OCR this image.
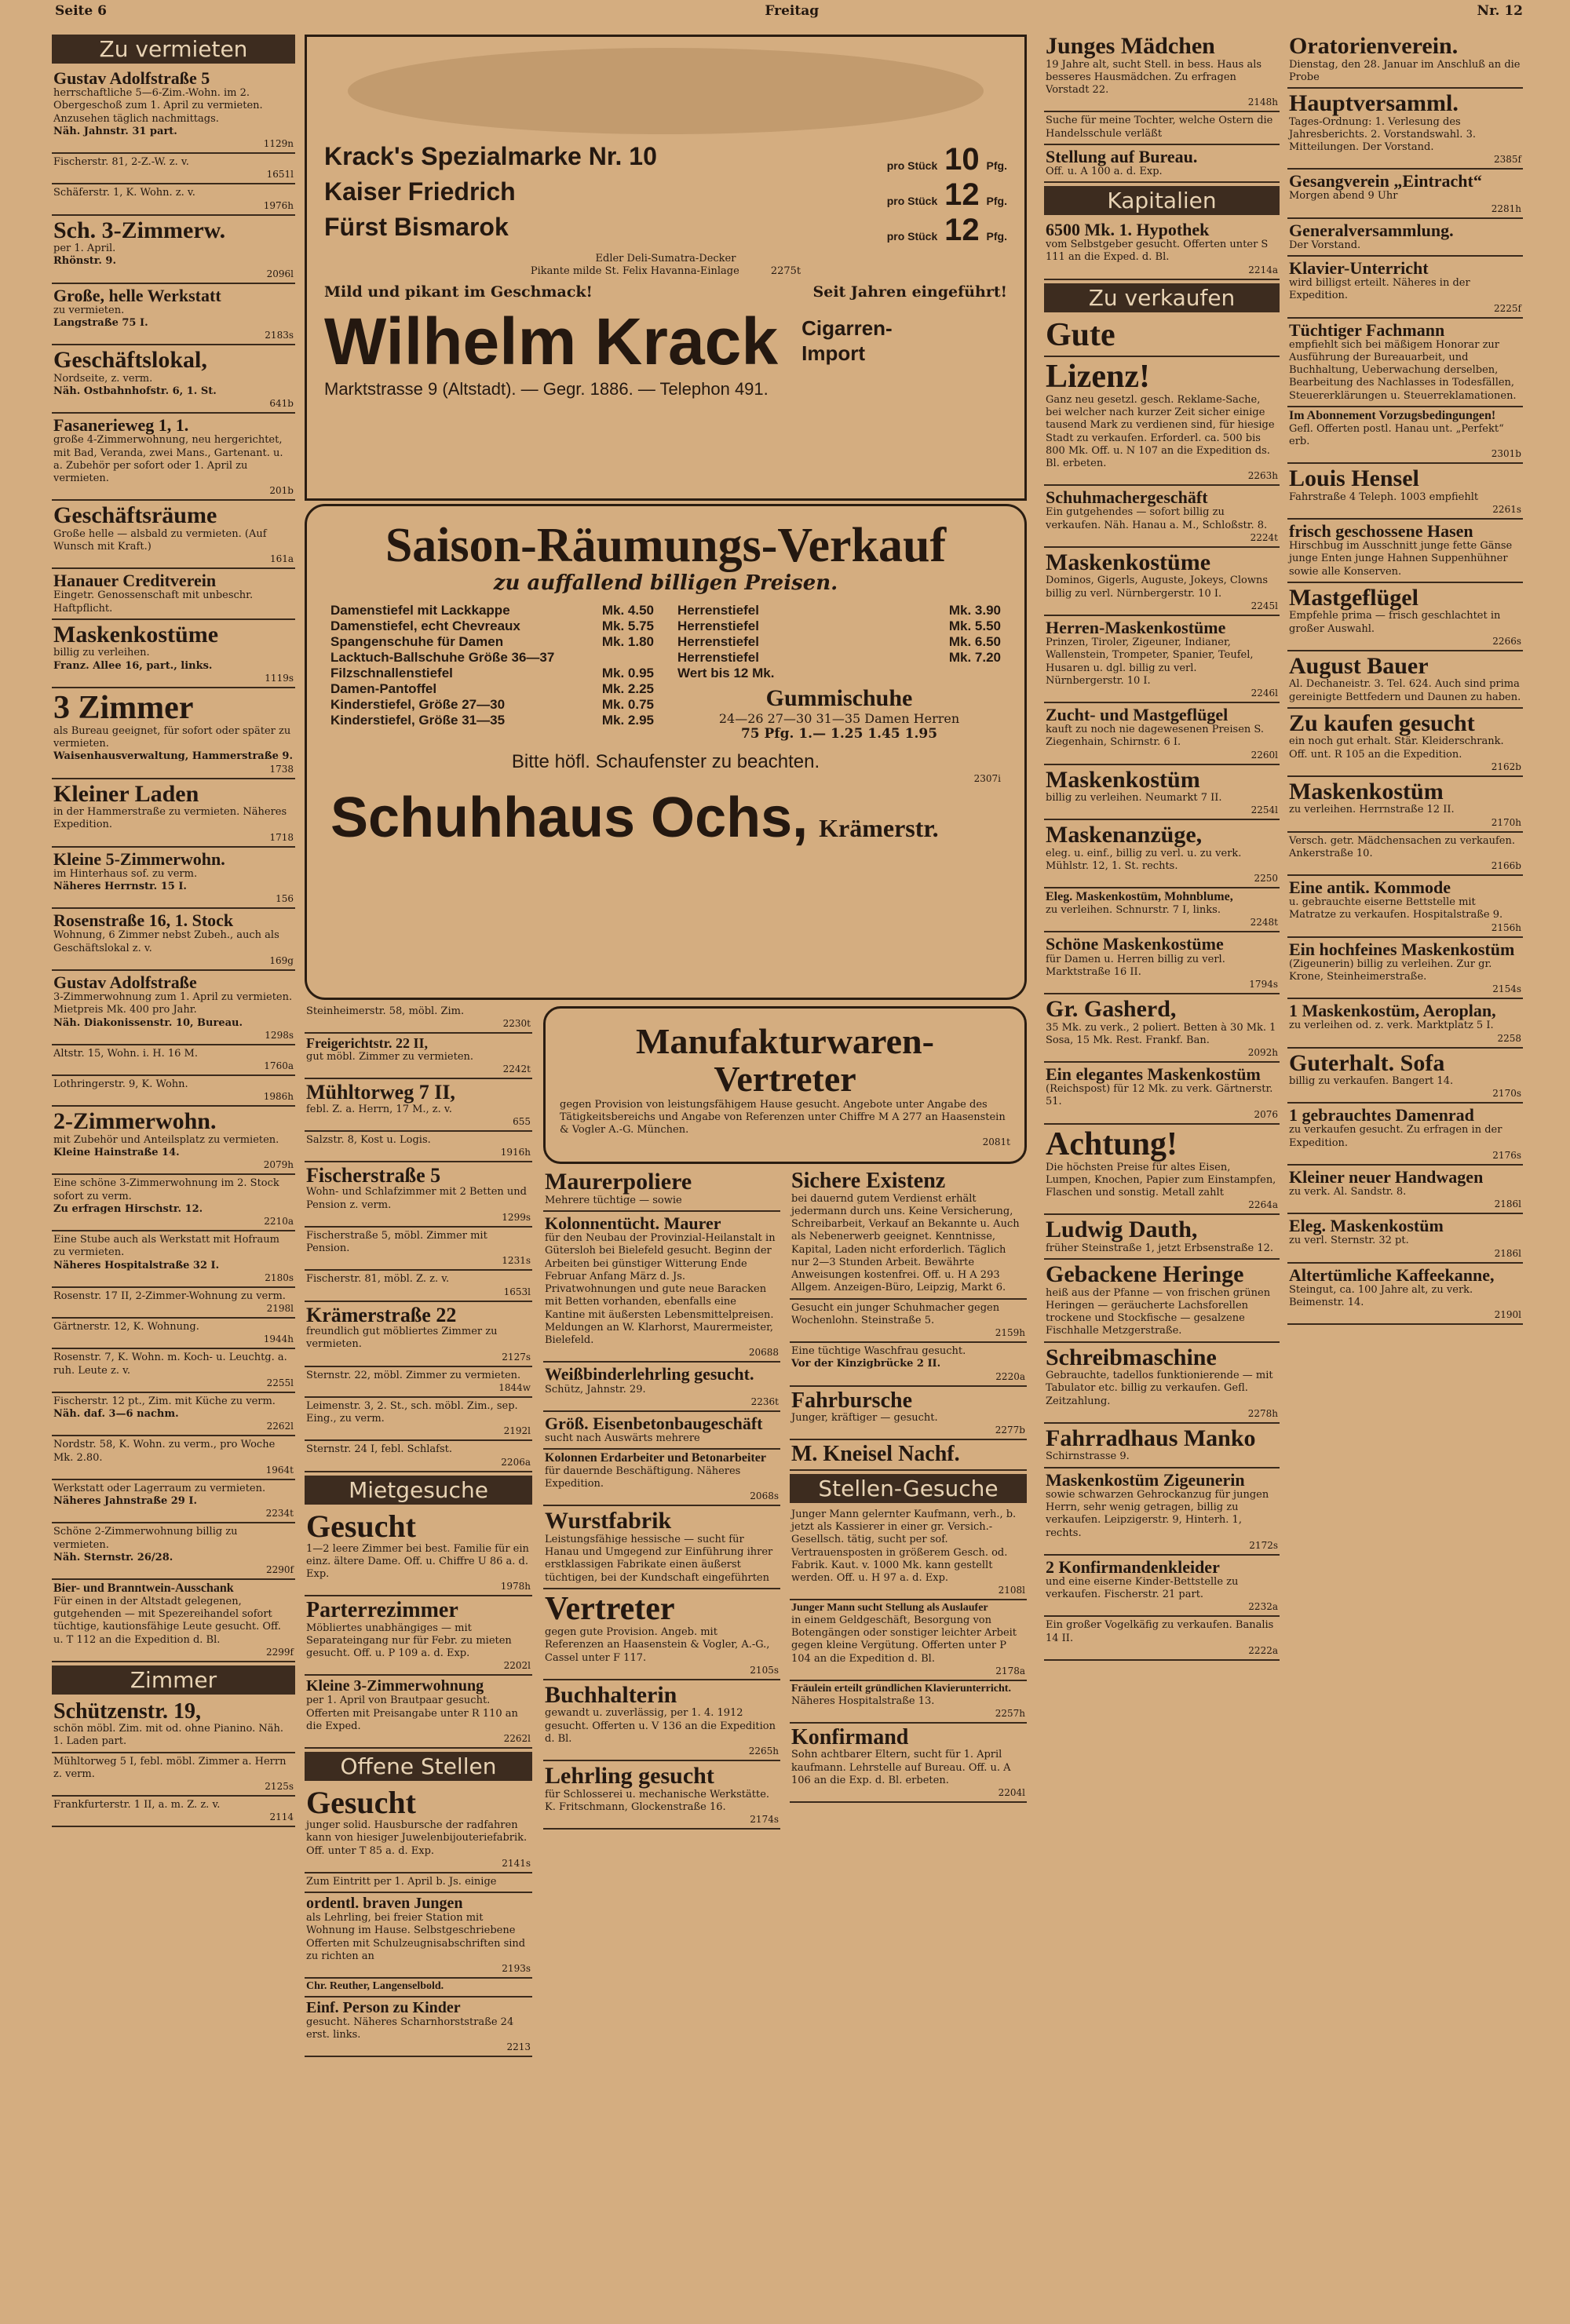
Seite 6	Freitag	Nr. 12
Zu vermieten
Gustav Adolfstraße 5
herrschaftliche 5—6-Zim.-Wohn. im 2. Obergeschoß zum 1. April zu vermieten. Anzusehen täglich nachmittags.
Näh. Jahnstr. 31 part.
1129n
Fischerstr. 81, 2-Z.-W. z. v.
1651l
Schäferstr. 1, K. Wohn. z. v.
1976h
Sch. 3-Zimmerw.
per 1. April.
Rhönstr. 9.
2096l
Große, helle Werkstatt
zu vermieten.
Langstraße 75 I.
2183s
Geschäftslokal,
Nordseite, z. verm.
Näh. Ostbahnhofstr. 6, 1. St.
641b
Fasanerieweg 1, 1.
große 4-Zimmerwohnung, neu hergerichtet, mit Bad, Veranda, zwei Mans., Gartenant. u. a. Zubehör per sofort oder 1. April zu vermieten.
201b
Geschäftsräume
Große helle — alsbald zu vermieten. (Auf Wunsch mit Kraft.)
161a
Hanauer Creditverein
Eingetr. Genossenschaft mit unbeschr. Haftpflicht.
Maskenkostüme
billig zu verleihen.
Franz. Allee 16, part., links.
1119s
3 Zimmer
als Bureau geeignet, für sofort oder später zu vermieten.
Waisenhausverwaltung, Hammerstraße 9.
1738
Kleiner Laden
in der Hammerstraße zu vermieten. Näheres Expedition.
1718
Kleine 5-Zimmerwohn.
im Hinterhaus sof. zu verm.
Näheres Herrnstr. 15 I.
156
Rosenstraße 16, 1. Stock
Wohnung, 6 Zimmer nebst Zubeh., auch als Geschäftslokal z. v.
169g
Gustav Adolfstraße
3-Zimmerwohnung zum 1. April zu vermieten. Mietpreis Mk. 400 pro Jahr.
Näh. Diakonissenstr. 10, Bureau.
1298s
Altstr. 15, Wohn. i. H. 16 M.
1760a
Lothringerstr. 9, K. Wohn.
1986h
2-Zimmerwohn.
mit Zubehör und Anteilsplatz zu vermieten.
Kleine Hainstraße 14.
2079h
Eine schöne 3-Zimmerwohnung im 2. Stock sofort zu verm.
Zu erfragen Hirschstr. 12.
2210a
Eine Stube auch als Werkstatt mit Hofraum zu vermieten.
Näheres Hospitalstraße 32 I.
2180s
Rosenstr. 17 II, 2-Zimmer-Wohnung zu verm.
2198l
Gärtnerstr. 12, K. Wohnung.
1944h
Rosenstr. 7, K. Wohn. m. Koch- u. Leuchtg. a. ruh. Leute z. v.
2255l
Fischerstr. 12 pt., Zim. mit Küche zu verm.
Näh. daf. 3—6 nachm.
2262l
Nordstr. 58, K. Wohn. zu verm., pro Woche Mk. 2.80.
1964t
Werkstatt oder Lagerraum zu vermieten.
Näheres Jahnstraße 29 I.
2234t
Schöne 2-Zimmerwohnung billig zu vermieten.
Näh. Sternstr. 26/28.
2290f
Bier- und Branntwein-Ausschank
Für einen in der Altstadt gelegenen, gutgehenden — mit Spezereihandel sofort tüchtige, kautionsfähige Leute gesucht. Off. u. T 112 an die Expedition d. Bl.
2299f
Zimmer
Schützenstr. 19,
schön möbl. Zim. mit od. ohne Pianino. Näh. 1. Laden part.
Mühltorweg 5 I, febl. möbl. Zimmer a. Herrn z. verm.
2125s
Frankfurterstr. 1 II, a. m. Z. z. v.
2114
Krack's Spezialmarke Nr. 10	pro Stück 10 Pfg.
Kaiser Friedrich	pro Stück 12 Pfg.
Fürst Bismarok	pro Stück 12 Pfg.
Edler Deli-Sumatra-Decker
Pikante milde St. Felix Havanna-Einlage	2275t
Mild und pikant im Geschmack!	Seit Jahren eingeführt!
Wilhelm Krack Cigarren-
Import
Marktstrasse 9 (Altstadt). — Gegr. 1886. — Telephon 491.
Saison-Räumungs-Verkauf
zu auffallend billigen Preisen.
Damenstiefel mit Lackkappe	Mk. 4.50
Damenstiefel, echt Chevreaux	Mk. 5.75
Spangenschuhe für Damen	Mk. 1.80
Lacktuch-Ballschuhe Größe 36—37
Filzschnallenstiefel	Mk. 0.95
Damen-Pantoffel	Mk. 2.25
Kinderstiefel, Größe 27—30	Mk. 0.75
Kinderstiefel, Größe 31—35	Mk. 2.95
Herrenstiefel	Mk. 3.90
Herrenstiefel	Mk. 5.50
Herrenstiefel	Mk. 6.50
Herrenstiefel	Mk. 7.20
Wert bis 12 Mk.
Gummischuhe
24—26 27—30 31—35 Damen Herren
75 Pfg. 1.— 1.25 1.45 1.95
Bitte höfl. Schaufenster zu beachten.
2307i
Schuhhaus Ochs, Krämerstr.
Steinheimerstr. 58, möbl. Zim.
2230t
Freigerichtstr. 22 II,
gut möbl. Zimmer zu vermieten.
2242t
Mühltorweg 7 II,
febl. Z. a. Herrn, 17 M., z. v.
655
Salzstr. 8, Kost u. Logis.
1916h
Fischerstraße 5
Wohn- und Schlafzimmer mit 2 Betten und Pension z. verm.
1299s
Fischerstraße 5, möbl. Zimmer mit Pension.
1231s
Fischerstr. 81, möbl. Z. z. v.
1653l
Krämerstraße 22
freundlich gut möbliertes Zimmer zu vermieten.
2127s
Sternstr. 22, möbl. Zimmer zu vermieten.
1844w
Leimenstr. 3, 2. St., sch. möbl. Zim., sep. Eing., zu verm.
2192l
Sternstr. 24 I, febl. Schlafst.
2206a
Mietgesuche
Gesucht
1—2 leere Zimmer bei best. Familie für ein einz. ältere Dame. Off. u. Chiffre U 86 a. d. Exp.
1978h
Parterrezimmer
Möbliertes unabhängiges — mit Separateingang nur für Febr. zu mieten gesucht. Off. u. P 109 a. d. Exp.
2202l
Kleine 3-Zimmerwohnung
per 1. April von Brautpaar gesucht. Offerten mit Preisangabe unter R 110 an die Exped.
2262l
Offene Stellen
Gesucht
junger solid. Hausbursche der radfahren kann von hiesiger Juwelenbijouteriefabrik. Off. unter T 85 a. d. Exp.
2141s
Zum Eintritt per 1. April b. Js. einige
ordentl. braven Jungen
als Lehrling, bei freier Station mit Wohnung im Hause. Selbstgeschriebene Offerten mit Schulzeugnisabschriften sind zu richten an
2193s
Chr. Reuther, Langenselbold.
Einf. Person zu Kinder
gesucht. Näheres Scharnhorststraße 24 erst. links.
2213
Manufakturwaren-
Vertreter
gegen Provision von leistungsfähigem Hause gesucht. Angebote unter Angabe des Tätigkeitsbereichs und Angabe von Referenzen unter Chiffre M A 277 an Haasenstein & Vogler A.-G. München.
2081t
Maurerpoliere
Mehrere tüchtige — sowie
Kolonnentücht. Maurer
für den Neubau der Provinzial-Heilanstalt in Gütersloh bei Bielefeld gesucht. Beginn der Arbeiten bei günstiger Witterung Ende Februar Anfang März d. Js. Privatwohnungen und gute neue Baracken mit Betten vorhanden, ebenfalls eine Kantine mit äußersten Lebensmittelpreisen. Meldungen an W. Klarhorst, Maurermeister, Bielefeld.
20688
Weißbinderlehrling gesucht.
Schütz, Jahnstr. 29.
2236t
Größ. Eisenbetonbaugeschäft
sucht nach Auswärts mehrere
Kolonnen Erdarbeiter und Betonarbeiter
für dauernde Beschäftigung. Näheres Expedition.
2068s
Wurstfabrik
Leistungsfähige hessische — sucht für Hanau und Umgegend zur Einführung ihrer erstklassigen Fabrikate einen äußerst tüchtigen, bei der Kundschaft eingeführten
Vertreter
gegen gute Provision. Angeb. mit Referenzen an Haasenstein & Vogler, A.-G., Cassel unter F 117.
2105s
Buchhalterin
gewandt u. zuverlässig, per 1. 4. 1912 gesucht. Offerten u. V 136 an die Expedition d. Bl.
2265h
Lehrling gesucht
für Schlosserei u. mechanische Werkstätte. K. Fritschmann, Glockenstraße 16.
2174s
Sichere Existenz
bei dauernd gutem Verdienst erhält jedermann durch uns. Keine Versicherung, Schreibarbeit, Verkauf an Bekannte u. Auch als Nebenerwerb geeignet. Kenntnisse, Kapital, Laden nicht erforderlich. Täglich nur 2—3 Stunden Arbeit. Bewährte Anweisungen kostenfrei. Off. u. H A 293 Allgem. Anzeigen-Büro, Leipzig, Markt 6.
Gesucht ein junger Schuhmacher gegen Wochenlohn. Steinstraße 5.
2159h
Eine tüchtige Waschfrau gesucht.
Vor der Kinzigbrücke 2 II.
2220a
Fahrbursche
Junger, kräftiger — gesucht.
2277b
M. Kneisel Nachf.
Stellen-Gesuche
Junger Mann gelernter Kaufmann, verh., b. jetzt als Kassierer in einer gr. Versich.-Gesellsch. tätig, sucht per sof. Vertrauensposten in größerem Gesch. od. Fabrik. Kaut. v. 1000 Mk. kann gestellt werden. Off. u. H 97 a. d. Exp.
2108l
Junger Mann sucht Stellung als Auslaufer
in einem Geldgeschäft, Besorgung von Botengängen oder sonstiger leichter Arbeit gegen kleine Vergütung. Offerten unter P 104 an die Expedition d. Bl.
2178a
Fräulein erteilt gründlichen Klavierunterricht.
Näheres Hospitalstraße 13.
2257h
Konfirmand
Sohn achtbarer Eltern, sucht für 1. April kaufmann. Lehrstelle auf Bureau. Off. u. A 106 an die Exp. d. Bl. erbeten.
2204l
Junges Mädchen
19 Jahre alt, sucht Stell. in bess. Haus als besseres Hausmädchen. Zu erfragen Vorstadt 22.
2148h
Suche für meine Tochter, welche Ostern die Handelsschule verläßt
Stellung auf Bureau.
Off. u. A 100 a. d. Exp.
Kapitalien
6500 Mk. 1. Hypothek
vom Selbstgeber gesucht. Offerten unter S 111 an die Exped. d. Bl.
2214a
Zu verkaufen
Gute
Lizenz!
Ganz neu gesetzl. gesch. Reklame-Sache, bei welcher nach kurzer Zeit sicher einige tausend Mark zu verdienen sind, für hiesige Stadt zu verkaufen. Erforderl. ca. 500 bis 800 Mk. Off. u. N 107 an die Expedition ds. Bl. erbeten.
2263h
Schuhmachergeschäft
Ein gutgehendes — sofort billig zu verkaufen. Näh. Hanau a. M., Schloßstr. 8.
2224t
Maskenkostüme
Dominos, Gigerls, Auguste, Jokeys, Clowns billig zu verl. Nürnbergerstr. 10 I.
2245l
Herren-Maskenkostüme
Prinzen, Tiroler, Zigeuner, Indianer, Wallenstein, Trompeter, Spanier, Teufel, Husaren u. dgl. billig zu verl. Nürnbergerstr. 10 I.
2246l
Zucht- und Mastgeflügel
kauft zu noch nie dagewesenen Preisen S. Ziegenhain, Schirnstr. 6 I.
2260l
Maskenkostüm
billig zu verleihen. Neumarkt 7 II.
2254l
Maskenanzüge,
eleg. u. einf., billig zu verl. u. zu verk. Mühlstr. 12, 1. St. rechts.
2250
Eleg. Maskenkostüm, Mohnblume,
zu verleihen. Schnurstr. 7 I, links.
2248t
Schöne Maskenkostüme
für Damen u. Herren billig zu verl. Marktstraße 16 II.
1794s
Gr. Gasherd,
35 Mk. zu verk., 2 poliert. Betten à 30 Mk. 1 Sosa, 15 Mk. Rest. Frankf. Ban.
2092h
Ein elegantes Maskenkostüm
(Reichspost) für 12 Mk. zu verk. Gärtnerstr. 51.
2076
Achtung!
Die höchsten Preise für altes Eisen, Lumpen, Knochen, Papier zum Einstampfen, Flaschen und sonstig. Metall zahlt
2264a
Ludwig Dauth,
früher Steinstraße 1, jetzt Erbsenstraße 12.
Gebackene Heringe
heiß aus der Pfanne — von frischen grünen Heringen — geräucherte Lachsforellen trockene und Stockfische — gesalzene Fischhalle Metzgerstraße.
Schreibmaschine
Gebrauchte, tadellos funktionierende — mit Tabulator etc. billig zu verkaufen. Gefl. Zeitzahlung.
2278h
Fahrradhaus Manko
Schirnstrasse 9.
Maskenkostüm Zigeunerin
sowie schwarzen Gehrockanzug für jungen Herrn, sehr wenig getragen, billig zu verkaufen. Leipzigerstr. 9, Hinterh. 1, rechts.
2172s
2 Konfirmandenkleider
und eine eiserne Kinder-Bettstelle zu verkaufen. Fischerstr. 21 part.
2232a
Ein großer Vogelkäfig zu verkaufen. Banalis 14 II.
2222a
Oratorienverein.
Dienstag, den 28. Januar im Anschluß an die Probe
Hauptversamml.
Tages-Ordnung: 1. Verlesung des Jahresberichts. 2. Vorstandswahl. 3. Mitteilungen. Der Vorstand.
2385f
Gesangverein „Eintracht“
Morgen abend 9 Uhr
2281h
Generalversammlung.
Der Vorstand.
Klavier-Unterricht
wird billigst erteilt. Näheres in der Expedition.
2225f
Tüchtiger Fachmann
empfiehlt sich bei mäßigem Honorar zur Ausführung der Bureauarbeit, und Buchhaltung, Ueberwachung derselben, Bearbeitung des Nachlasses in Todesfällen, Steuererklärungen u. Steuerreklamationen.
Im Abonnement Vorzugsbedingungen!
Gefl. Offerten postl. Hanau unt. „Perfekt“ erb.
2301b
Louis Hensel
Fahrstraße 4 Teleph. 1003 empfiehlt
2261s
frisch geschossene Hasen
Hirschbug im Ausschnitt junge fette Gänse junge Enten junge Hahnen Suppenhühner sowie alle Konserven.
Mastgeflügel
Empfehle prima — frisch geschlachtet in großer Auswahl.
2266s
August Bauer
Al. Dechaneistr. 3. Tel. 624. Auch sind prima gereinigte Bettfedern und Daunen zu haben.
Zu kaufen gesucht
ein noch gut erhalt. Stär. Kleiderschrank. Off. unt. R 105 an die Expedition.
2162b
Maskenkostüm
zu verleihen. Herrnstraße 12 II.
2170h
Versch. getr. Mädchensachen zu verkaufen. Ankerstraße 10.
2166b
Eine antik. Kommode
u. gebrauchte eiserne Bettstelle mit Matratze zu verkaufen. Hospitalstraße 9.
2156h
Ein hochfeines Maskenkostüm
(Zigeunerin) billig zu verleihen. Zur gr. Krone, Steinheimerstraße.
2154s
1 Maskenkostüm, Aeroplan,
zu verleihen od. z. verk. Marktplatz 5 I.
2258
Guterhalt. Sofa
billig zu verkaufen. Bangert 14.
2170s
1 gebrauchtes Damenrad
zu verkaufen gesucht. Zu erfragen in der Expedition.
2176s
Kleiner neuer Handwagen
zu verk. Al. Sandstr. 8.
2186l
Eleg. Maskenkostüm
zu verl. Sternstr. 32 pt.
2186l
Altertümliche Kaffeekanne,
Steingut, ca. 100 Jahre alt, zu verk. Beimenstr. 14.
2190l
